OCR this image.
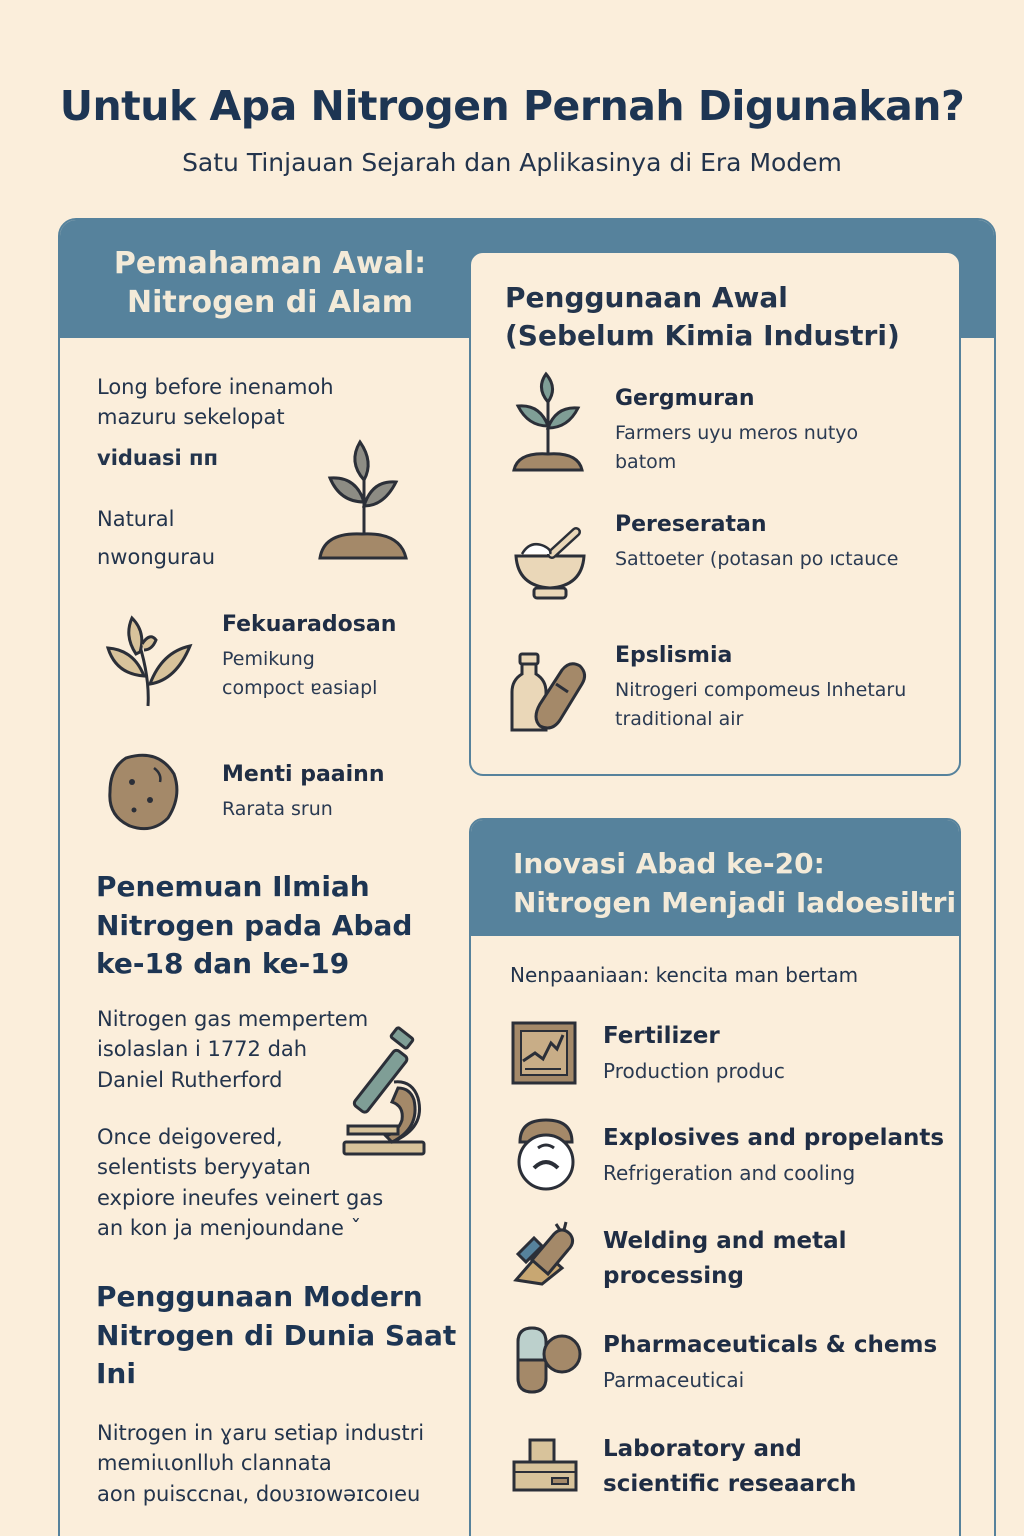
Untuk Apa Nitrogen Pernah Digunakan?
Satu Tinjauan Sejarah dan Aplikasinya di Era Modem
Pemahaman Awal:
Nitrogen di Alam
Long before inenamoh
mazuru sekelopat
viduasi ᴨᴨ
Natural
nwongurau
Fekuaradosan
Pemikung
compoct ɐasiapl
Menti paainn
Rarata srun
Penemuan Ilmiah
Nitrogen pada Abad
ke-18 dan ke-19
Nitrogen gas mempertem
isolaslan i 1772 dah
Daniel Rutherford
Once deigovered,
selentists beryyatan
expiore ineufes veinert gas
an kon ja menjoundane ˇ
Penggunaan Modern
Nitrogen di Dunia Saat
Ini
Nitrogen in ɣaru setiap industri
memiιιοnllυh clannata
aon puisccnaι, dουɜɪowəɪcoıeu
Penggunaan Awal
(Sebelum Kimia Industri)
Gergmuran
Farmers uyu meros nutyo
batom
Pereseratan
Sattoeter (potasan po ıctauce
Epslismia
Nitrogeri compomeus lnhetaru
traditional air
Inovasi Abad ke-20:
Nitrogen Menjadi Iadoesiltri
Nenpaaniaan: kencita man bertam
Fertilizer
Production produc
Explosives and propelants
Refrigeration and cooling
Welding and metal
processing
Pharmaceuticals & chems
Parmaceuticai
Laboratory and
scientific reseaarch
